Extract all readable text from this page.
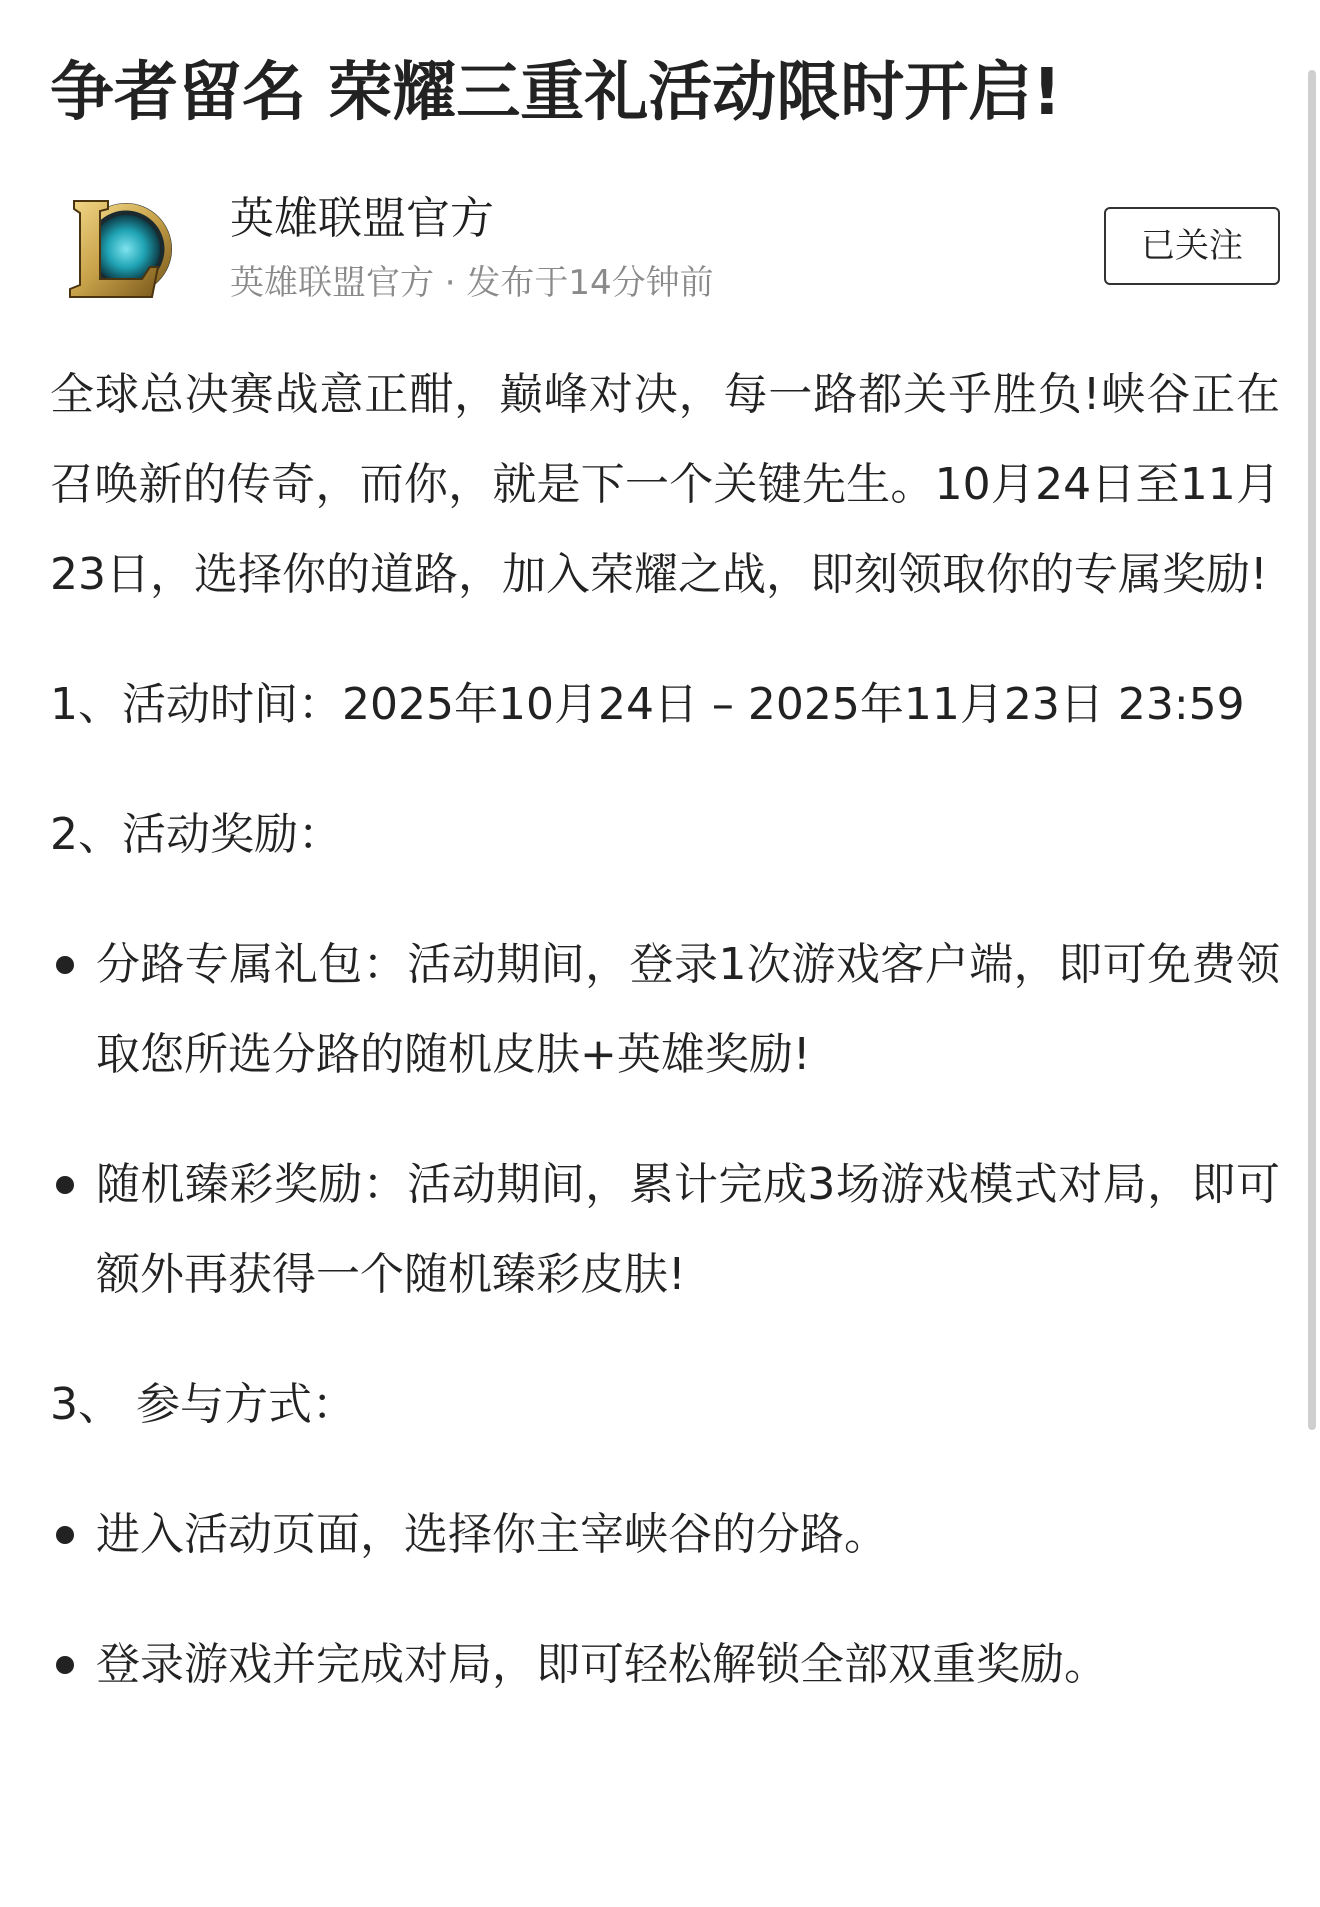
争者留名 荣耀三重礼活动限时开启!
英雄联盟官方
英雄联盟官方 · 发布于14分钟前
已关注

全球总决赛战意正酣，巅峰对决，每一路都关乎胜负!峡谷正在召唤新的传奇，而你，就是下一个关键先生。10月24日至11月23日，选择你的道路，加入荣耀之战，即刻领取你的专属奖励!

1、活动时间：2025年10月24日 – 2025年11月23日 23:59

2、活动奖励：

分路专属礼包：活动期间，登录1次游戏客户端，即可免费领取您所选分路的随机皮肤+英雄奖励!

随机臻彩奖励：活动期间，累计完成3场游戏模式对局，即可额外再获得一个随机臻彩皮肤!

3、 参与方式：

进入活动页面，选择你主宰峡谷的分路。

登录游戏并完成对局，即可轻松解锁全部双重奖励。
